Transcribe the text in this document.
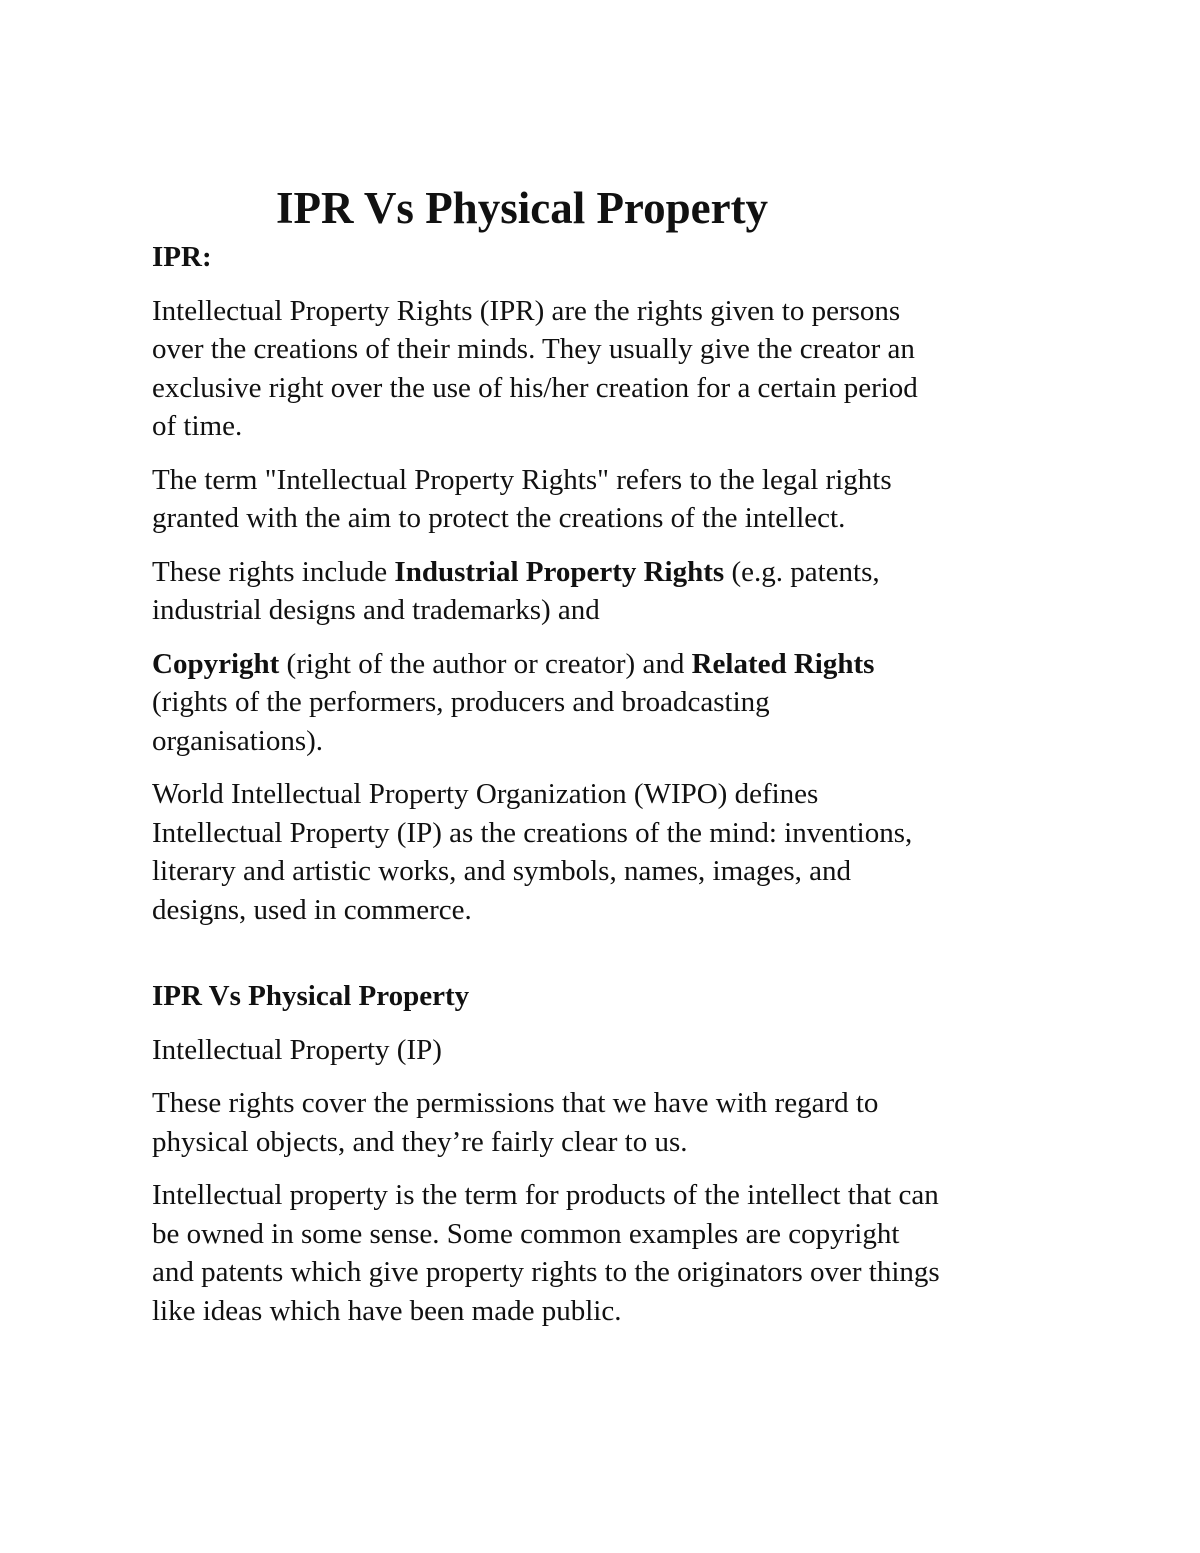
IPR Vs Physical Property

IPR:

Intellectual Property Rights (IPR) are the rights given to persons over the creations of their minds. They usually give the creator an exclusive right over the use of his/her creation for a certain period of time.

The term "Intellectual Property Rights" refers to the legal rights granted with the aim to protect the creations of the intellect.

These rights include Industrial Property Rights (e.g. patents, industrial designs and trademarks) and

Copyright (right of the author or creator) and Related Rights (rights of the performers, producers and broadcasting organisations).

World Intellectual Property Organization (WIPO) defines Intellectual Property (IP) as the creations of the mind: inventions, literary and artistic works, and symbols, names, images, and designs, used in commerce.

IPR Vs Physical Property

Intellectual Property (IP)

These rights cover the permissions that we have with regard to physical objects, and they’re fairly clear to us.

Intellectual property is the term for products of the intellect that can be owned in some sense. Some common examples are copyright and patents which give property rights to the originators over things like ideas which have been made public.
